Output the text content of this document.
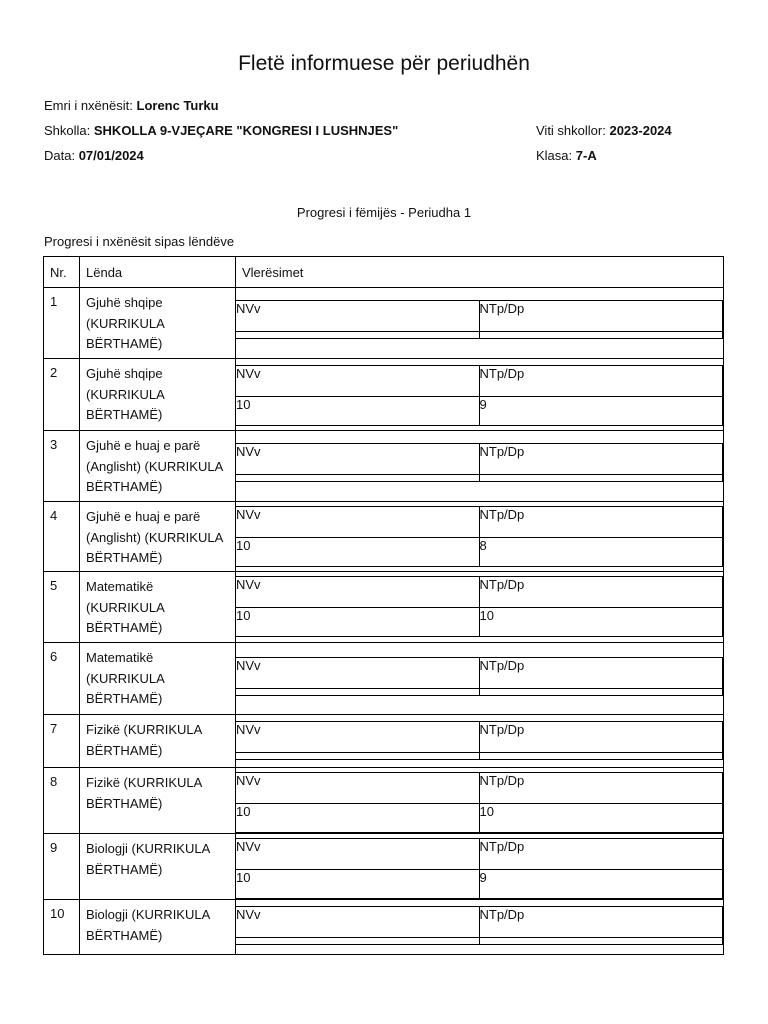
Fletë informuese për periudhën
Emri i nxënësit: Lorenc Turku
Shkolla: SHKOLLA 9-VJEÇARE "KONGRESI I LUSHNJES"	Viti shkollor: 2023-2024
Data: 07/01/2024	Klasa: 7-A
Progresi i fëmijës - Periudha 1
Progresi i nxënësit sipas lëndëve
Nr.	Lënda	Vlerësimet
1	Gjuhë shqipe (KURRIKULA BËRTHAMË)	
NVv	NTp/Dp

2	Gjuhë shqipe (KURRIKULA BËRTHAMË)	
NVv	NTp/Dp
10	9

3	Gjuhë e huaj e parë (Anglisht) (KURRIKULA BËRTHAMË)	
NVv	NTp/Dp

4	Gjuhë e huaj e parë (Anglisht) (KURRIKULA BËRTHAMË)	
NVv	NTp/Dp
10	8

5	Matematikë (KURRIKULA BËRTHAMË)	
NVv	NTp/Dp
10	10

6	Matematikë (KURRIKULA BËRTHAMË)	
NVv	NTp/Dp

7	Fizikë (KURRIKULA BËRTHAMË)	
NVv	NTp/Dp

8	Fizikë (KURRIKULA BËRTHAMË)	
NVv	NTp/Dp
10	10

9	Biologji (KURRIKULA BËRTHAMË)	
NVv	NTp/Dp
10	9

10	Biologji (KURRIKULA BËRTHAMË)	
NVv	NTp/Dp
